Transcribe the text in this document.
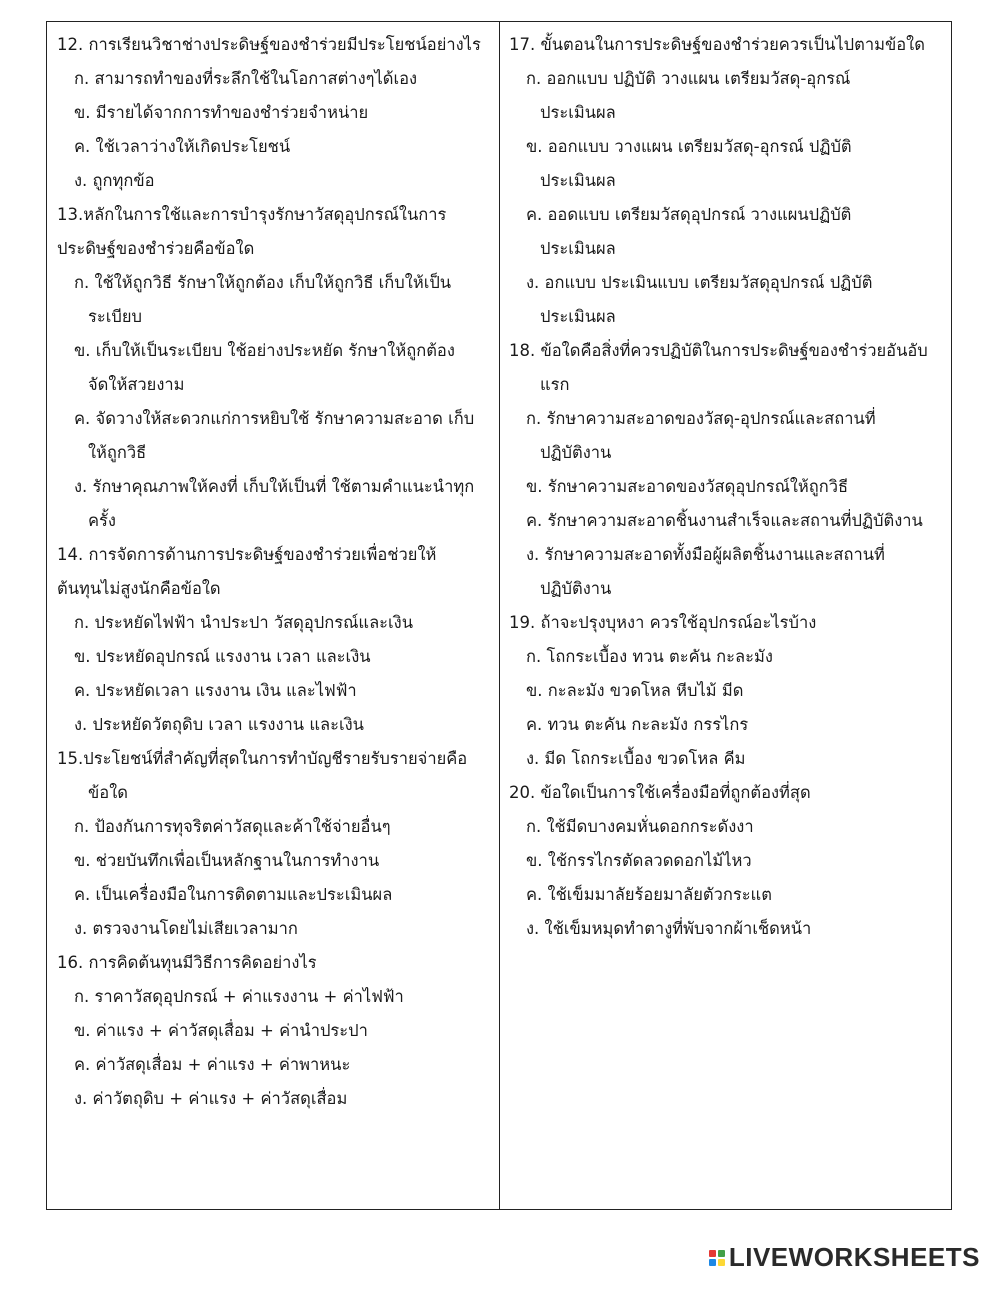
12. การเรียนวิชาช่างประดิษฐ์ของชำร่วยมีประโยชน์อย่างไร
ก. สามารถทำของที่ระลึกใช้ในโอกาสต่างๆได้เอง
ข. มีรายได้จากการทำของชำร่วยจำหน่าย
ค. ใช้เวลาว่างให้เกิดประโยชน์
ง. ถูกทุกข้อ
13.หลักในการใช้และการบำรุงรักษาวัสดุอุปกรณ์ในการ
ประดิษฐ์ของชำร่วยคือข้อใด
ก. ใช้ให้ถูกวิธี รักษาให้ถูกต้อง เก็บให้ถูกวิธี เก็บให้เป็น
ระเบียบ
ข. เก็บให้เป็นระเบียบ ใช้อย่างประหยัด รักษาให้ถูกต้อง
จัดให้สวยงาม
ค. จัดวางให้สะดวกแก่การหยิบใช้ รักษาความสะอาด เก็บ
ให้ถูกวิธี
ง. รักษาคุณภาพให้คงที่ เก็บให้เป็นที่ ใช้ตามคำแนะนำทุก
ครั้ง
14. การจัดการด้านการประดิษฐ์ของชำร่วยเพื่อช่วยให้
ต้นทุนไม่สูงนักคือข้อใด
ก. ประหยัดไฟฟ้า นำประปา วัสดุอุปกรณ์และเงิน
ข. ประหยัดอุปกรณ์ แรงงาน เวลา และเงิน
ค. ประหยัดเวลา แรงงาน เงิน และไฟฟ้า
ง. ประหยัดวัตถุดิบ เวลา แรงงาน และเงิน
15.ประโยชน์ที่สำคัญที่สุดในการทำบัญชีรายรับรายจ่ายคือ
ข้อใด
ก. ป้องกันการทุจริตค่าวัสดุและค้าใช้จ่ายอื่นๆ
ข. ช่วยบันทึกเพื่อเป็นหลักฐานในการทำงาน
ค. เป็นเครื่องมือในการติดตามและประเมินผล
ง. ตรวจงานโดยไม่เสียเวลามาก
16. การคิดต้นทุนมีวิธีการคิดอย่างไร
ก. ราคาวัสดุอุปกรณ์ + ค่าแรงงาน + ค่าไฟฟ้า
ข. ค่าแรง + ค่าวัสดุเสื่อม + ค่านำประปา
ค. ค่าวัสดุเสื่อม + ค่าแรง + ค่าพาหนะ
ง. ค่าวัตถุดิบ + ค่าแรง + ค่าวัสดุเสื่อม
17. ขั้นตอนในการประดิษฐ์ของชำร่วยควรเป็นไปตามข้อใด
ก. ออกแบบ ปฏิบัติ วางแผน เตรียมวัสดุ-อุกรณ์
ประเมินผล
ข. ออกแบบ วางแผน เตรียมวัสดุ-อุกรณ์ ปฏิบัติ
ประเมินผล
ค. ออดแบบ เตรียมวัสดุอุปกรณ์ วางแผนปฏิบัติ
ประเมินผล
ง. อกแบบ ประเมินแบบ เตรียมวัสดุอุปกรณ์ ปฏิบัติ
ประเมินผล
18. ข้อใดคือสิ่งที่ควรปฏิบัติในการประดิษฐ์ของชำร่วยอันอับ
แรก
ก. รักษาความสะอาดของวัสดุ-อุปกรณ์และสถานที่
ปฏิบัติงาน
ข. รักษาความสะอาดของวัสดุอุปกรณ์ให้ถูกวิธี
ค. รักษาความสะอาดชิ้นงานสำเร็จและสถานที่ปฏิบัติงาน
ง. รักษาความสะอาดทั้งมือผู้ผลิตชิ้นงานและสถานที่
ปฏิบัติงาน
19. ถ้าจะปรุงบุหงา ควรใช้อุปกรณ์อะไรบ้าง
ก. โถกระเบื้อง ทวน ตะคัน กะละมัง
ข. กะละมัง ขวดโหล หีบไม้ มีด
ค. ทวน ตะคัน กะละมัง กรรไกร
ง. มีด โถกระเบื้อง ขวดโหล คีม
20. ข้อใดเป็นการใช้เครื่องมือที่ถูกต้องที่สุด
ก. ใช้มีดบางคมหั่นดอกกระดังงา
ข. ใช้กรรไกรตัดลวดดอกไม้ไหว
ค. ใช้เข็มมาลัยร้อยมาลัยตัวกระแต
ง. ใช้เข็มหมุดทำตางูที่พับจากผ้าเช็ดหน้า
LIVEWORKSHEETS
